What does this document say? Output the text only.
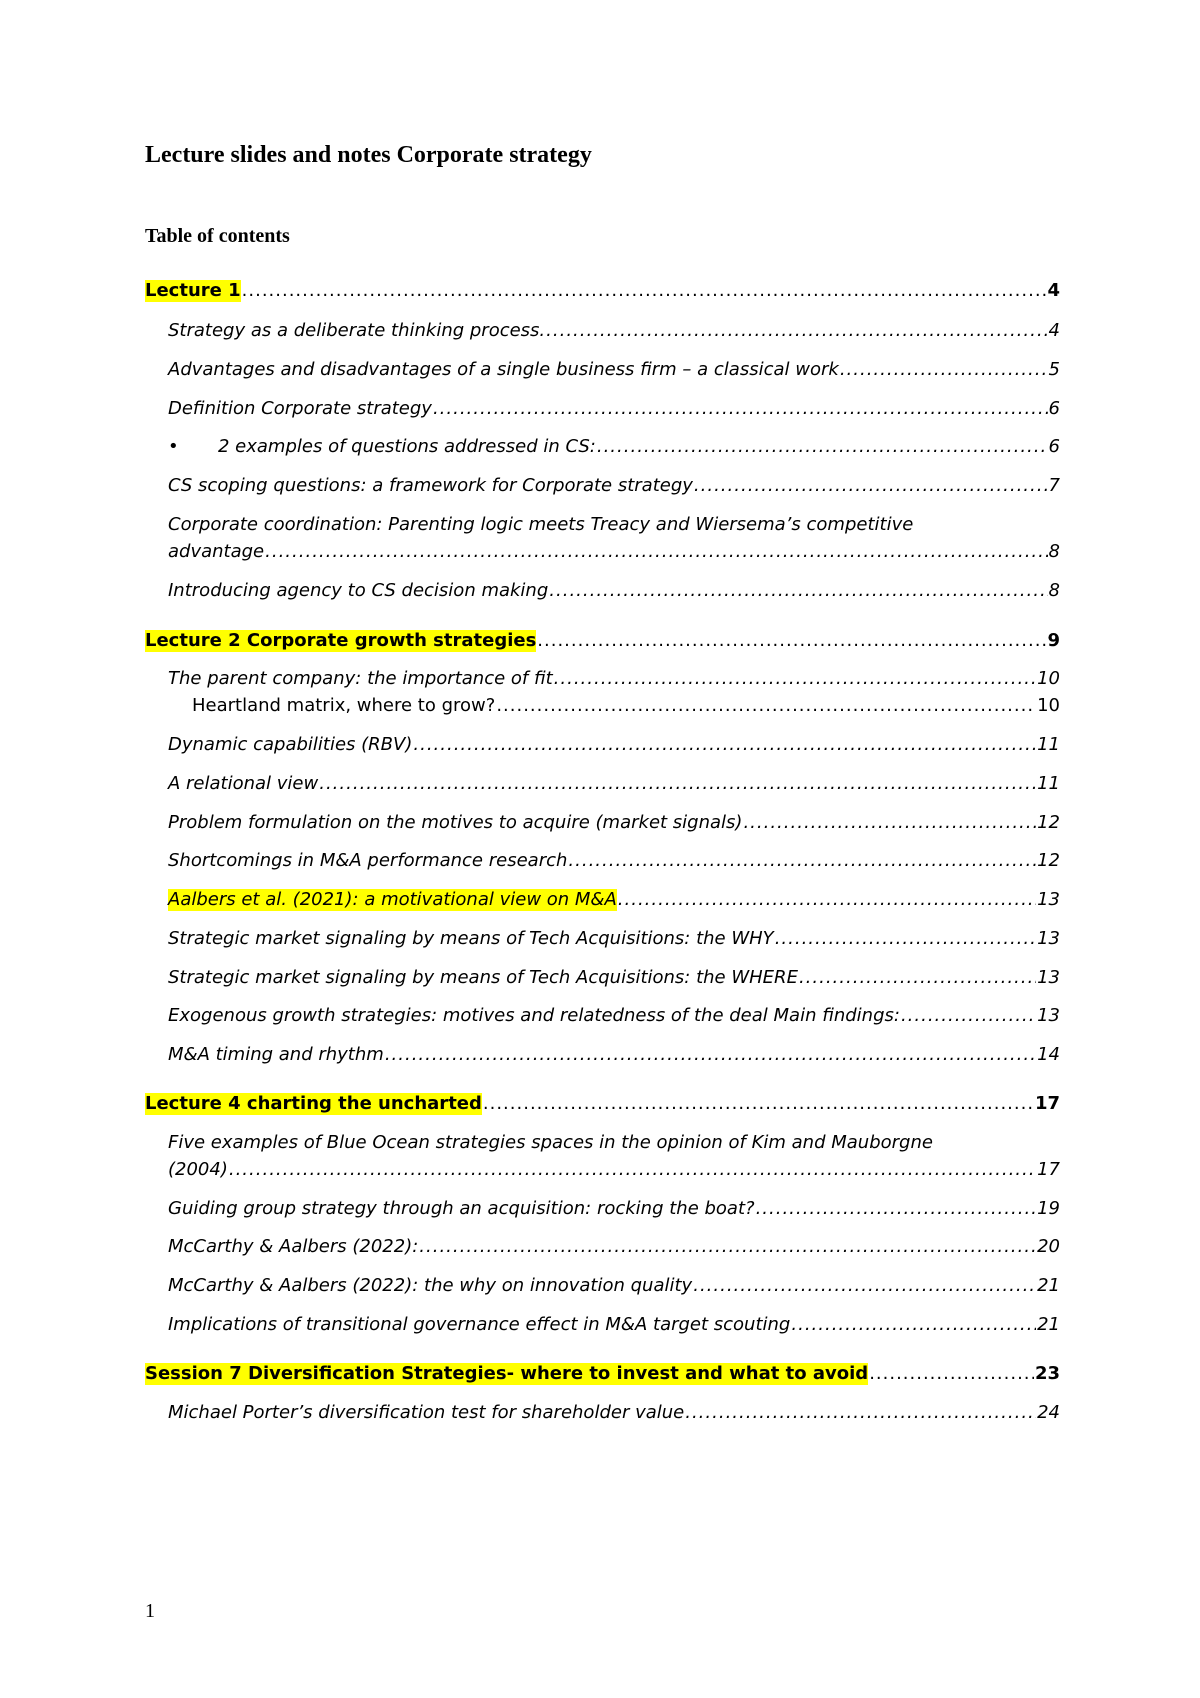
Lecture slides and notes Corporate strategy
Table of contents
Lecture 1 .....	4
Strategy as a deliberate thinking process. .....	4
Advantages and disadvantages of a single business firm – a classical work .....	5
Definition Corporate strategy .....	6
•	2 examples of questions addressed in CS: .....	6
CS scoping questions: a framework for Corporate strategy .....	7
Corporate coordination: Parenting logic meets Treacy and Wiersema’s competitive
advantage .....	8
Introducing agency to CS decision making .....	8
Lecture 2 Corporate growth strategies .....	9
The parent company: the importance of fit .....	10
Heartland matrix, where to grow? .....	10
Dynamic capabilities (RBV) .....	11
A relational view .....	11
Problem formulation on the motives to acquire (market signals) .....	12
Shortcomings in M&A performance research .....	12
Aalbers et al. (2021): a motivational view on M&A .....	13
Strategic market signaling by means of Tech Acquisitions: the WHY .....	13
Strategic market signaling by means of Tech Acquisitions: the WHERE .....	13
Exogenous growth strategies: motives and relatedness of the deal Main findings: .....	13
M&A timing and rhythm .....	14
Lecture 4 charting the uncharted .....	17
Five examples of Blue Ocean strategies spaces in the opinion of Kim and Mauborgne
(2004) .....	17
Guiding group strategy through an acquisition: rocking the boat? .....	19
McCarthy & Aalbers (2022): .....	20
McCarthy & Aalbers (2022): the why on innovation quality .....	21
Implications of transitional governance effect in M&A target scouting .....	21
Session 7 Diversification Strategies- where to invest and what to avoid .....	23
Michael Porter’s diversification test for shareholder value .....	24
1
